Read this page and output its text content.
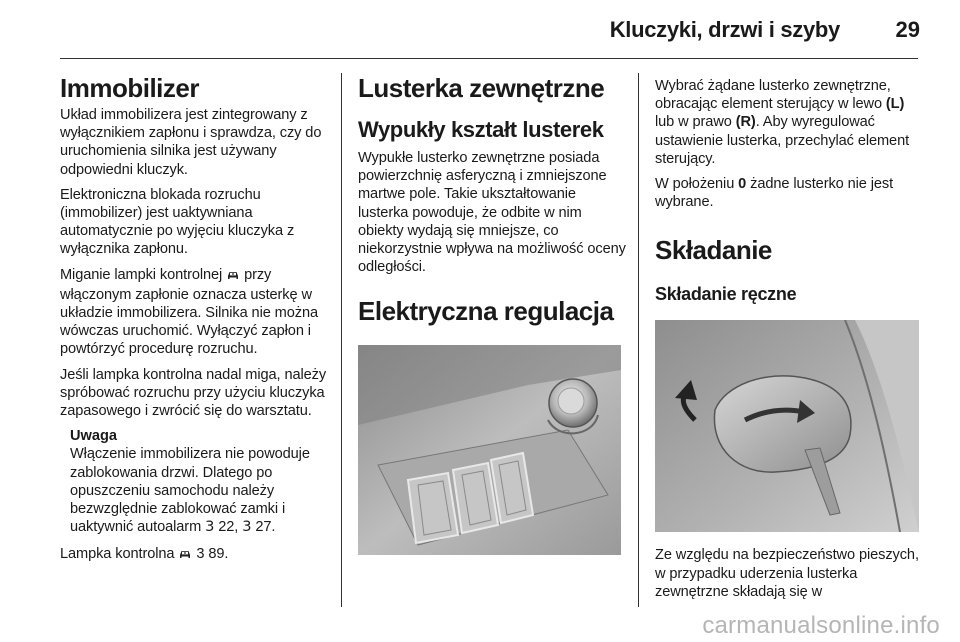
Kluczyki, drzwi i szyby	29
Immobilizer

Układ immobilizera jest zintegrowany z wyłącznikiem zapłonu i sprawdza, czy do uruchomienia silnika jest używany odpowiedni kluczyk.

Elektroniczna blokada rozruchu (immobilizer) jest uaktywniana automatycznie po wyjęciu kluczyka z wyłącznika zapłonu.

Miganie lampki kontrolnej  przy włączonym zapłonie oznacza usterkę w układzie immobilizera. Silnika nie można wówczas uruchomić. Wyłączyć zapłon i powtórzyć procedurę rozruchu.

Jeśli lampka kontrolna nadal miga, należy spróbować rozruchu przy użyciu kluczyka zapasowego i zwrócić się do warsztatu.

Uwaga

Włączenie immobilizera nie powoduje zablokowania drzwi. Dlatego po opuszczeniu samochodu należy bezwzględnie zablokować zamki i uaktywnić autoalarm 3 22, 3 27.

Lampka kontrolna  3 89.

Lusterka zewnętrzne
Wypukły kształt lusterek

Wypukłe lusterko zewnętrzne posiada powierzchnię asferyczną i zmniejszone martwe pole. Takie ukształtowanie lusterka powoduje, że odbite w nim obiekty wydają się mniejsze, co niekorzystnie wpływa na możliwość oceny odległości.

Elektryczna regulacja

Wybrać żądane lusterko zewnętrzne, obracając element sterujący w lewo (L) lub w prawo (R). Aby wyregulować ustawienie lusterka, przechylać element sterujący.

W położeniu 0 żadne lusterko nie jest wybrane.

Składanie
Składanie ręczne

Ze względu na bezpieczeństwo pieszych, w przypadku uderzenia lusterka zewnętrzne składają się w

carmanualsonline.info
